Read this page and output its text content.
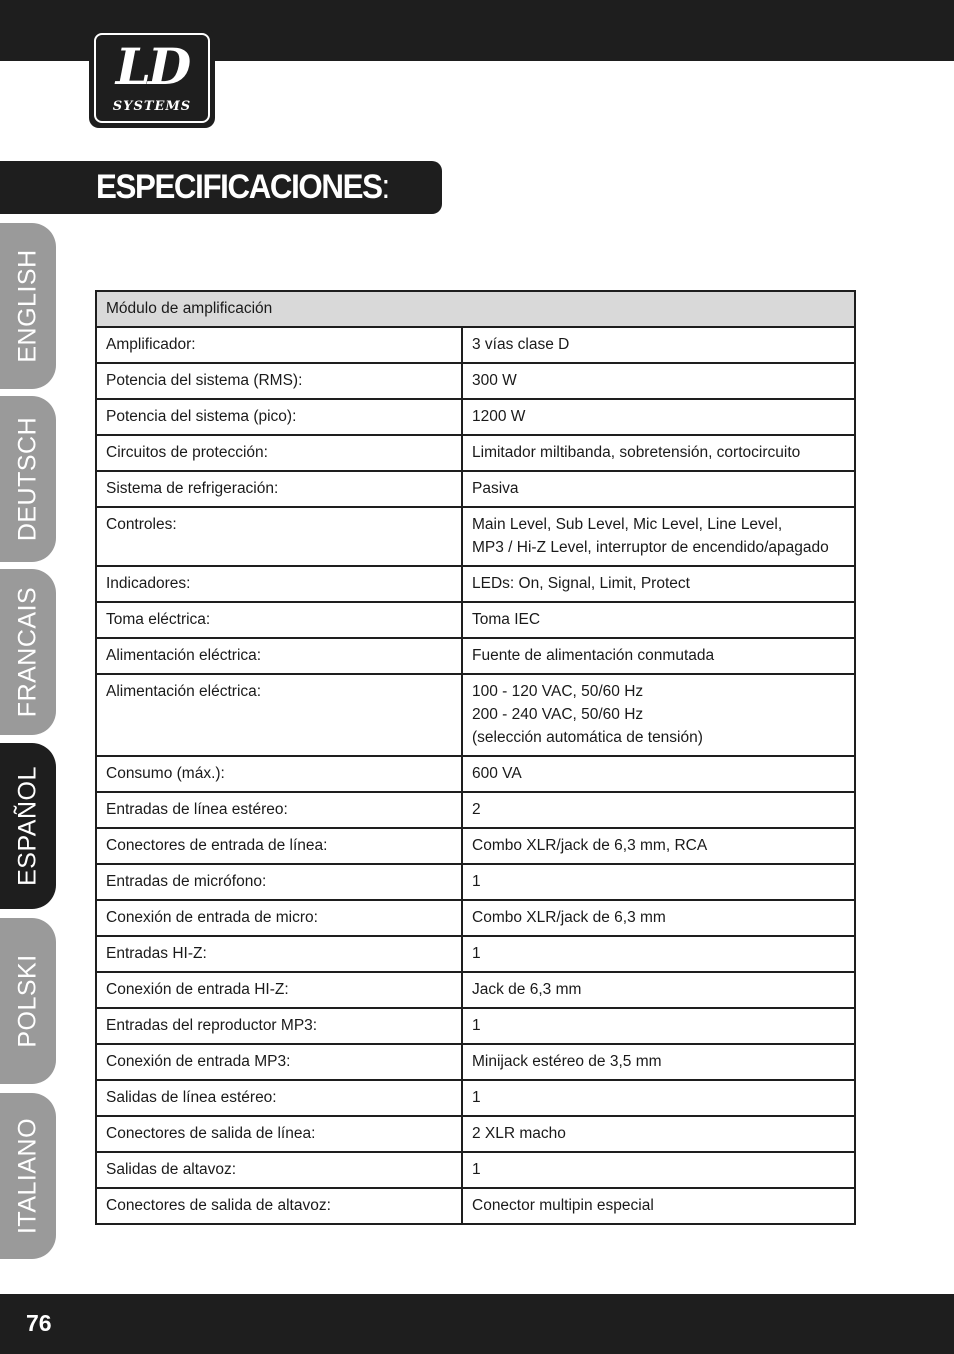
LD
SYSTEMS
ESPECIFICACIONES:
ENGLISH
DEUTSCH
FRANCAIS
ESPAÑOL
POLSKI
ITALIANO
Módulo de amplificación	
Amplificador:	3 vías clase D
Potencia del sistema (RMS):	300 W
Potencia del sistema (pico):	1200 W
Circuitos de protección:	Limitador miltibanda, sobretensión, cortocircuito
Sistema de refrigeración:	Pasiva
Controles:	Main Level, Sub Level, Mic Level, Line Level,
MP3 / Hi-Z Level, interruptor de encendido/apagado
Indicadores:	LEDs: On, Signal, Limit, Protect
Toma eléctrica:	Toma IEC
Alimentación eléctrica:	Fuente de alimentación conmutada
Alimentación eléctrica:	100 - 120 VAC, 50/60 Hz
200 - 240 VAC, 50/60 Hz
(selección automática de tensión)
Consumo (máx.):	600 VA
Entradas de línea estéreo:	2
Conectores de entrada de línea:	Combo XLR/jack de 6,3 mm, RCA
Entradas de micrófono:	1
Conexión de entrada de micro:	Combo XLR/jack de 6,3 mm
Entradas HI-Z:	1
Conexión de entrada HI-Z:	Jack de 6,3 mm
Entradas del reproductor MP3:	1
Conexión de entrada MP3:	Minijack estéreo de 3,5 mm
Salidas de línea estéreo:	1
Conectores de salida de línea:	2 XLR macho
Salidas de altavoz:	1
Conectores de salida de altavoz:	Conector multipin especial
76
